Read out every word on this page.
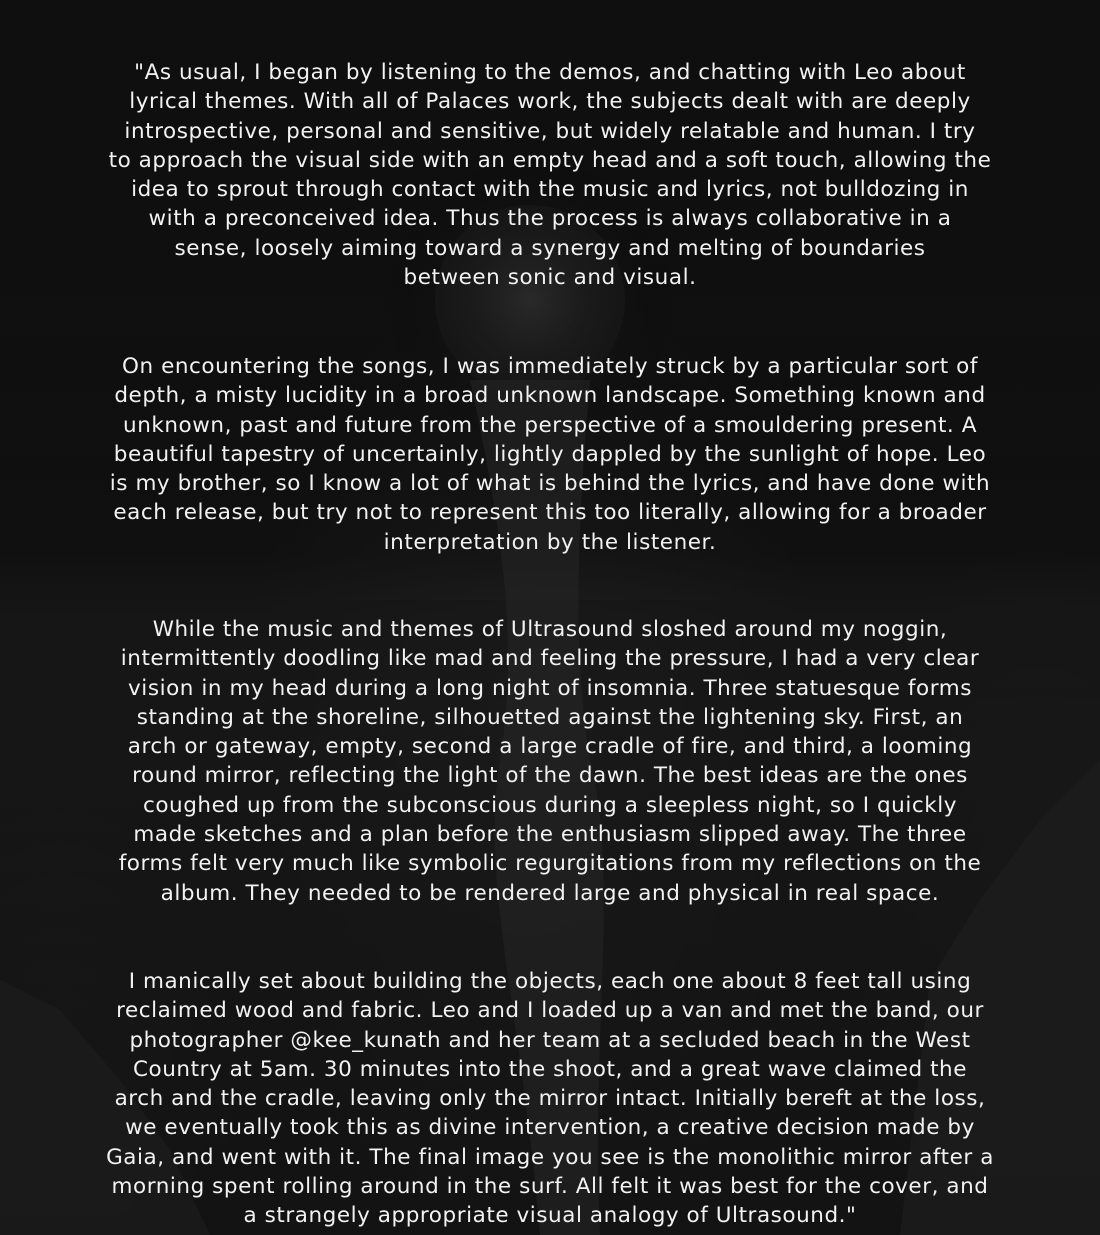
"As usual, I began by listening to the demos, and chatting with Leo about
lyrical themes. With all of Palaces work, the subjects dealt with are deeply
introspective, personal and sensitive, but widely relatable and human. I try
to approach the visual side with an empty head and a soft touch, allowing the
idea to sprout through contact with the music and lyrics, not bulldozing in
with a preconceived idea. Thus the process is always collaborative in a
sense, loosely aiming toward a synergy and melting of boundaries
between sonic and visual.

On encountering the songs, I was immediately struck by a particular sort of
depth, a misty lucidity in a broad unknown landscape. Something known and
unknown, past and future from the perspective of a smouldering present. A
beautiful tapestry of uncertainly, lightly dappled by the sunlight of hope. Leo
is my brother, so I know a lot of what is behind the lyrics, and have done with
each release, but try not to represent this too literally, allowing for a broader
interpretation by the listener.

While the music and themes of Ultrasound sloshed around my noggin,
intermittently doodling like mad and feeling the pressure, I had a very clear
vision in my head during a long night of insomnia. Three statuesque forms
standing at the shoreline, silhouetted against the lightening sky. First, an
arch or gateway, empty, second a large cradle of fire, and third, a looming
round mirror, reflecting the light of the dawn. The best ideas are the ones
coughed up from the subconscious during a sleepless night, so I quickly
made sketches and a plan before the enthusiasm slipped away. The three
forms felt very much like symbolic regurgitations from my reflections on the
album. They needed to be rendered large and physical in real space.

I manically set about building the objects, each one about 8 feet tall using
reclaimed wood and fabric. Leo and I loaded up a van and met the band, our
photographer @kee_kunath and her team at a secluded beach in the West
Country at 5am. 30 minutes into the shoot, and a great wave claimed the
arch and the cradle, leaving only the mirror intact. Initially bereft at the loss,
we eventually took this as divine intervention, a creative decision made by
Gaia, and went with it. The final image you see is the monolithic mirror after a
morning spent rolling around in the surf. All felt it was best for the cover, and
a strangely appropriate visual analogy of Ultrasound."
